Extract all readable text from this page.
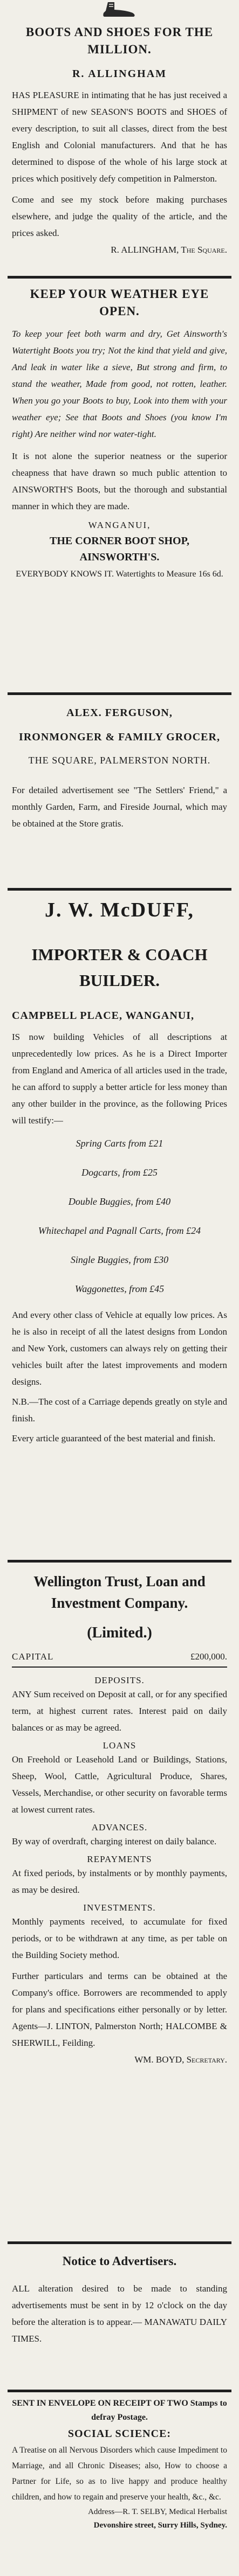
BOOTS AND SHOES FOR THE MILLION.
R. ALLINGHAM

HAS PLEASURE in intimating that he has just received a SHIPMENT of new SEASON'S BOOTS and SHOES of every description, to suit all classes, direct from the best English and Colonial manufacturers. And that he has determined to dispose of the whole of his large stock at prices which positively defy competition in Palmerston.

Come and see my stock before making purchases elsewhere, and judge the quality of the article, and the prices asked.

R. ALLINGHAM, The Square.
KEEP YOUR WEATHER EYE OPEN.

To keep your feet both warm and dry, Get Ainsworth's Watertight Boots you try; Not the kind that yield and give, And leak in water like a sieve, But strong and firm, to stand the weather, Made from good, not rotten, leather. When you go your Boots to buy, Look into them with your weather eye; See that Boots and Shoes (you know I'm right) Are neither wind nor water-tight.

It is not alone the superior neatness or the superior cheapness that have drawn so much public attention to AINSWORTH'S Boots, but the thorough and substantial manner in which they are made.

WANGANUI,
THE CORNER BOOT SHOP, AINSWORTH'S.
EVERYBODY KNOWS IT. Watertights to Measure 16s 6d.
ALEX. FERGUSON,
IRONMONGER & FAMILY GROCER,
THE SQUARE, PALMERSTON NORTH.

For detailed advertisement see "The Settlers' Friend," a monthly Garden, Farm, and Fireside Journal, which may be obtained at the Store gratis.

J. W. McDUFF,
IMPORTER & COACH BUILDER.
CAMPBELL PLACE, WANGANUI,

IS now building Vehicles of all descriptions at unprecedentedly low prices. As he is a Direct Importer from England and America of all articles used in the trade, he can afford to supply a better article for less money than any other builder in the province, as the following Prices will testify:—

Spring Carts from £21
Dogcarts, from £25
Double Buggies, from £40
Whitechapel and Pagnall Carts, from £24
Single Buggies, from £30
Waggonettes, from £45

And every other class of Vehicle at equally low prices. As he is also in receipt of all the latest designs from London and New York, customers can always rely on getting their vehicles built after the latest improvements and modern designs.

N.B.—The cost of a Carriage depends greatly on style and finish.

Every article guaranteed of the best material and finish.

Wellington Trust, Loan and Investment Company.
(Limited.)
CAPITAL	£200,000.
DEPOSITS.

ANY Sum received on Deposit at call, or for any specified term, at highest current rates. Interest paid on daily balances or as may be agreed.

LOANS

On Freehold or Leasehold Land or Buildings, Stations, Sheep, Wool, Cattle, Agricultural Produce, Shares, Vessels, Merchandise, or other security on favorable terms at lowest current rates.

ADVANCES.

By way of overdraft, charging interest on daily balance.

REPAYMENTS

At fixed periods, by instalments or by monthly payments, as may be desired.

INVESTMENTS.

Monthly payments received, to accumulate for fixed periods, or to be withdrawn at any time, as per table on the Building Society method.

Further particulars and terms can be obtained at the Company's office. Borrowers are recommended to apply for plans and specifications either personally or by letter. Agents—J. LINTON, Palmerston North; HALCOMBE & SHERWILL, Feilding.

WM. BOYD, Secretary.
Notice to Advertisers.

ALL alteration desired to be made to standing advertisements must be sent in by 12 o'clock on the day before the alteration is to appear.— MANAWATU DAILY TIMES.

SENT IN ENVELOPE ON RECEIPT OF TWO Stamps to defray Postage.
SOCIAL SCIENCE:

A Treatise on all Nervous Disorders which cause Impediment to Marriage, and all Chronic Diseases; also, How to choose a Partner for Life, so as to live happy and produce healthy children, and how to regain and preserve your health, &c., &c.

Address—R. T. SELBY, Medical Herbalist
Devonshire street, Surry Hills, Sydney.
